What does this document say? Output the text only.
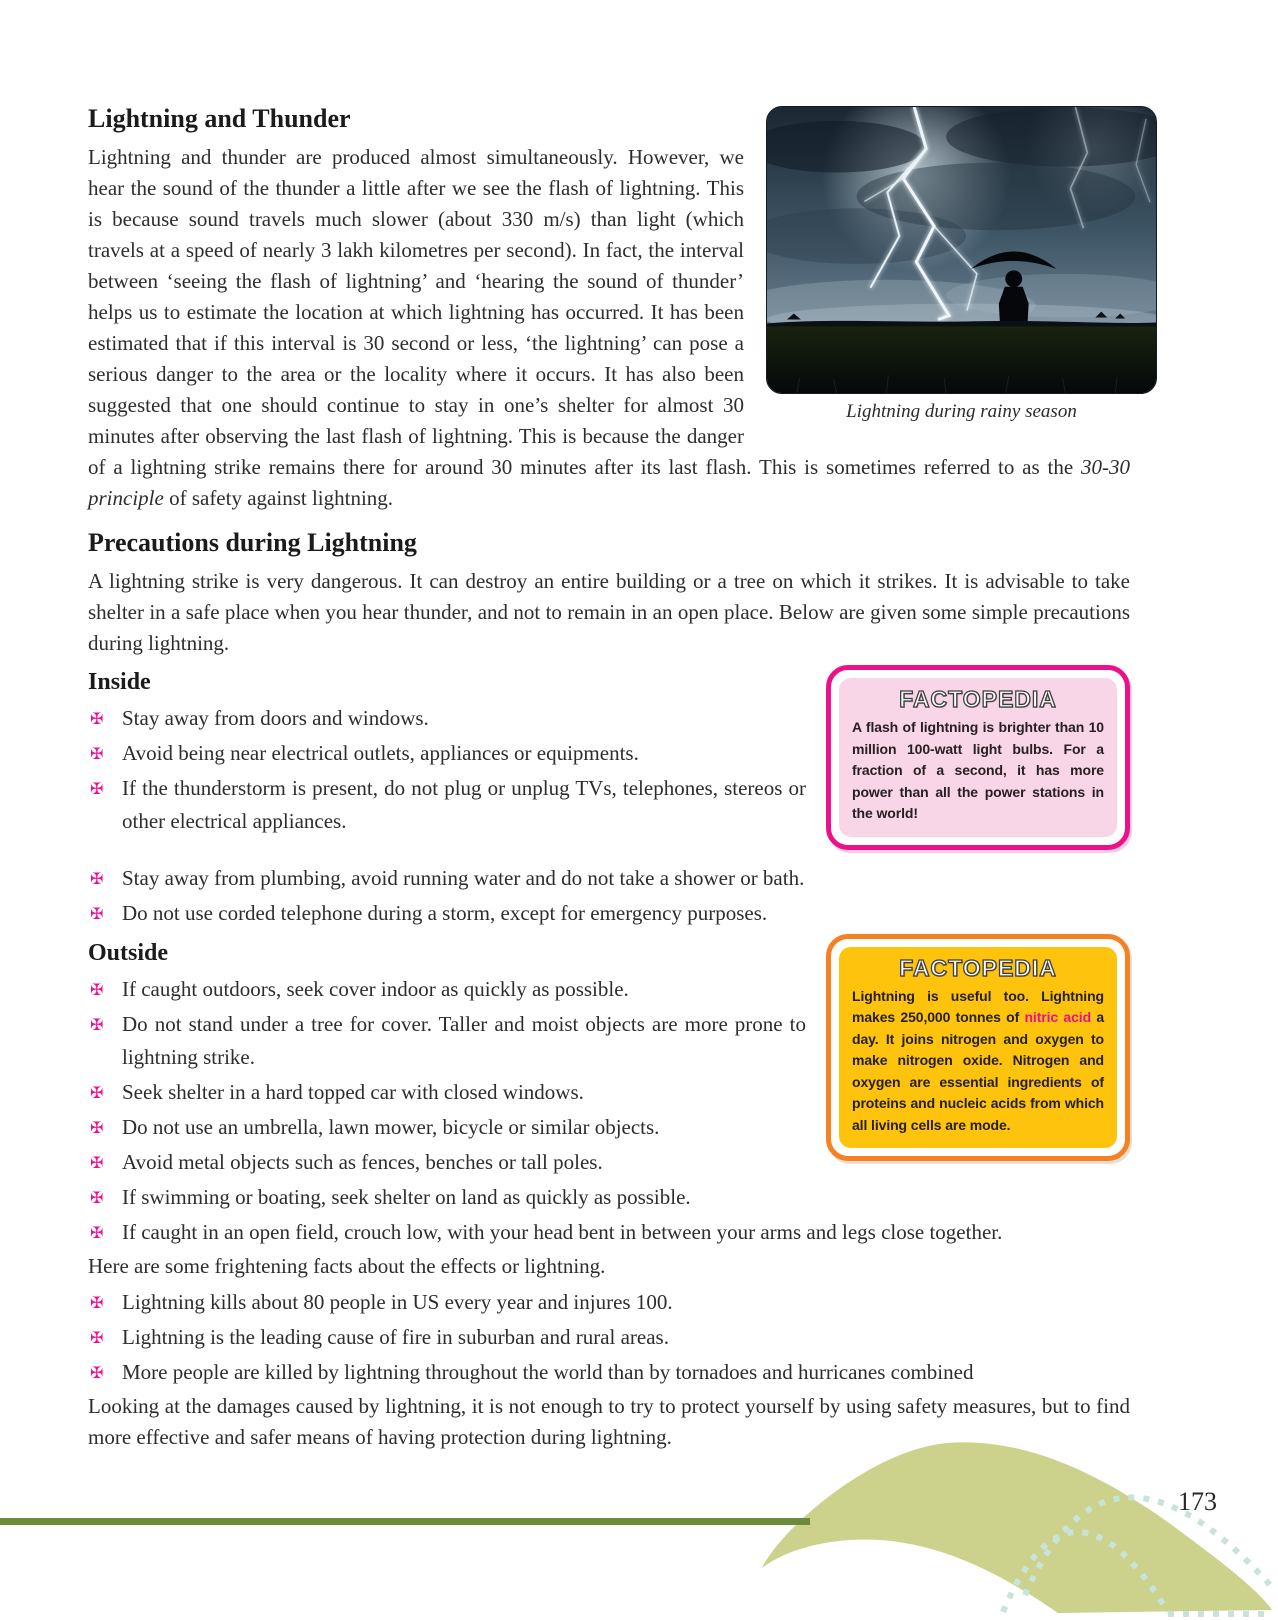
Lightning during rainy season
Lightning and Thunder

Lightning and thunder are produced almost simultaneously. However, we hear the sound of the thunder a little after we see the flash of lightning. This is because sound travels much slower (about 330 m/s) than light (which travels at a speed of nearly 3 lakh kilometres per second). In fact, the interval between ‘seeing the flash of lightning’ and ‘hearing the sound of thunder’ helps us to estimate the location at which lightning has occurred. It has been estimated that if this interval is 30 second or less, ‘the lightning’ can pose a serious danger to the area or the locality where it occurs. It has also been suggested that one should continue to stay in one’s shelter for almost 30 minutes after observing the last flash of lightning. This is because the danger of a lightning strike remains there for around 30 minutes after its last flash. This is sometimes referred to as the 30-30 principle of safety against lightning.

Precautions during Lightning

A lightning strike is very dangerous. It can destroy an entire building or a tree on which it strikes. It is advisable to take shelter in a safe place when you hear thunder, and not to remain in an open place. Below are given some simple precautions during lightning.

FACTOPEDIA
A flash of lightning is brighter than 10 million 100-watt light bulbs. For a fraction of a second, it has more power than all the power stations in the world!
Inside
✠ Stay away from doors and windows.
✠ Avoid being near electrical outlets, appliances or equipments.
✠ If the thunderstorm is present, do not plug or unplug TVs, telephones, stereos or other electrical appliances.
✠ Stay away from plumbing, avoid running water and do not take a shower or bath.
✠ Do not use corded telephone during a storm, except for emergency purposes.
FACTOPEDIA
Lightning is useful too. Lightning makes 250,000 tonnes of nitric acid a day. It joins nitrogen and oxygen to make nitrogen oxide. Nitrogen and oxygen are essential ingredients of proteins and nucleic acids from which all living cells are mode.
Outside
✠ If caught outdoors, seek cover indoor as quickly as possible.
✠ Do not stand under a tree for cover. Taller and moist objects are more prone to lightning strike.
✠ Seek shelter in a hard topped car with closed windows.
✠ Do not use an umbrella, lawn mower, bicycle or similar objects.
✠ Avoid metal objects such as fences, benches or tall poles.
✠ If swimming or boating, seek shelter on land as quickly as possible.
✠ If caught in an open field, crouch low, with your head bent in between your arms and legs close together.

Here are some frightening facts about the effects or lightning.

✠ Lightning kills about 80 people in US every year and injures 100.
✠ Lightning is the leading cause of fire in suburban and rural areas.
✠ More people are killed by lightning throughout the world than by tornadoes and hurricanes combined

Looking at the damages caused by lightning, it is not enough to try to protect yourself by using safety measures, but to find more effective and safer means of having protection during lightning.

173
